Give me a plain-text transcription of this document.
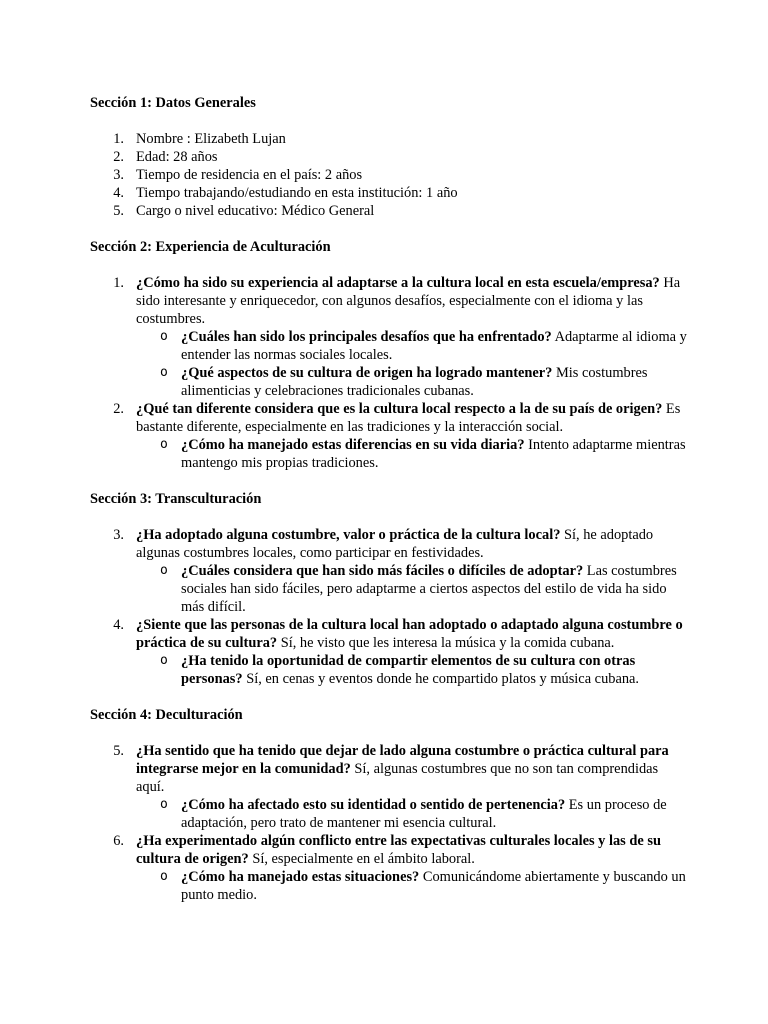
Sección 1: Datos Generales
1. Nombre : Elizabeth Lujan
2. Edad: 28 años
3. Tiempo de residencia en el país: 2 años
4. Tiempo trabajando/estudiando en esta institución: 1 año
5. Cargo o nivel educativo: Médico General
Sección 2: Experiencia de Aculturación
1. ¿Cómo ha sido su experiencia al adaptarse a la cultura local en esta escuela/empresa? Ha sido interesante y enriquecedor, con algunos desafíos, especialmente con el idioma y las costumbres.
o ¿Cuáles han sido los principales desafíos que ha enfrentado? Adaptarme al idioma y entender las normas sociales locales.
o ¿Qué aspectos de su cultura de origen ha logrado mantener? Mis costumbres alimenticias y celebraciones tradicionales cubanas.
2. ¿Qué tan diferente considera que es la cultura local respecto a la de su país de origen? Es bastante diferente, especialmente en las tradiciones y la interacción social.
o ¿Cómo ha manejado estas diferencias en su vida diaria? Intento adaptarme mientras mantengo mis propias tradiciones.
Sección 3: Transculturación
3. ¿Ha adoptado alguna costumbre, valor o práctica de la cultura local? Sí, he adoptado algunas costumbres locales, como participar en festividades.
o ¿Cuáles considera que han sido más fáciles o difíciles de adoptar? Las costumbres sociales han sido fáciles, pero adaptarme a ciertos aspectos del estilo de vida ha sido más difícil.
4. ¿Siente que las personas de la cultura local han adoptado o adaptado alguna costumbre o práctica de su cultura? Sí, he visto que les interesa la música y la comida cubana.
o ¿Ha tenido la oportunidad de compartir elementos de su cultura con otras personas? Sí, en cenas y eventos donde he compartido platos y música cubana.
Sección 4: Deculturación
5. ¿Ha sentido que ha tenido que dejar de lado alguna costumbre o práctica cultural para integrarse mejor en la comunidad? Sí, algunas costumbres que no son tan comprendidas aquí.
o ¿Cómo ha afectado esto su identidad o sentido de pertenencia? Es un proceso de adaptación, pero trato de mantener mi esencia cultural.
6. ¿Ha experimentado algún conflicto entre las expectativas culturales locales y las de su cultura de origen? Sí, especialmente en el ámbito laboral.
o ¿Cómo ha manejado estas situaciones? Comunicándome abiertamente y buscando un punto medio.
